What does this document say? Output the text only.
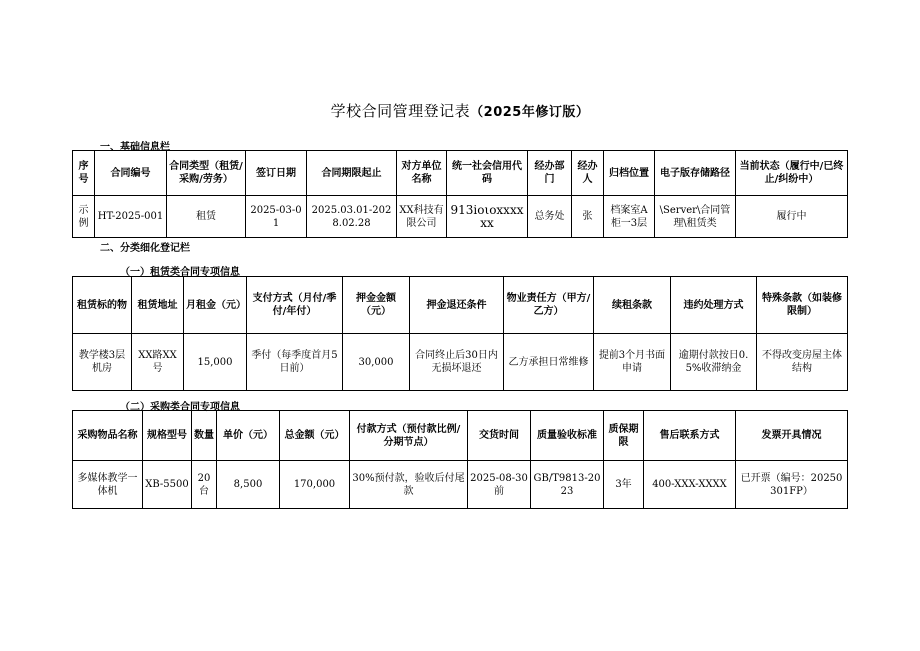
学校合同管理登记表（2025年修订版）
一、基础信息栏
序号	合同编号	合同类型（租赁/采购/劳务）	签订日期	合同期限起止	对方单位名称	统一社会信用代码	经办部门	经办人	归档位置	电子版存储路径	当前状态（履行中/已终止/纠纷中）
示例	HT-2025-001	租赁	2025-03-01	2025.03.01-2028.02.28	XX科技有限公司	913ioιoxxxxxx	总务处	张	档案室A柜一3层	\Server\合同管理\租赁类	履行中
二、分类细化登记栏
（一）租赁类合同专项信息
租赁标的物	租赁地址	月租金（元）	支付方式（月付/季付/年付）	押金金额（元）	押金退还条件	物业责任方（甲方/乙方）	续租条款	违约处理方式	特殊条款（如装修限制）
教学楼3层机房	XX路XX号	15,000	季付（每季度首月5日前）	30,000	合同终止后30日内无损坏退还	乙方承担日常维修	提前3个月书面申请	逾期付款按日0.5%收滞纳金	不得改变房屋主体结构
（二）采购类合同专项信息
采购物品名称	规格型号	数量	单价（元）	总金额（元）	付款方式（预付款比例/分期节点）	交货时间	质量验收标准	质保期限	售后联系方式	发票开具情况
多媒体教学一体机	XB-5500	20台	8,500	170,000	30%预付款，验收后付尾款	2025-08-30前	GB/T9813-2023	3年	400-XXX-XXXX	已开票（编号：20250301FP）
